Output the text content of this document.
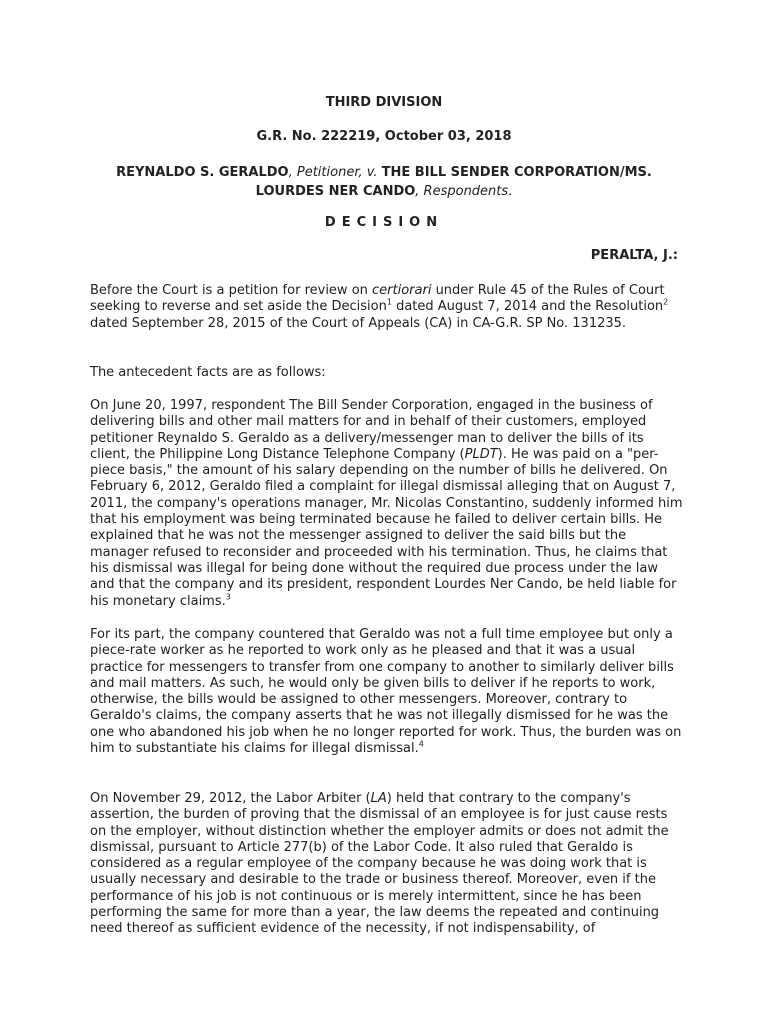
THIRD DIVISION
G.R. No. 222219, October 03, 2018
REYNALDO S. GERALDO, Petitioner, v. THE BILL SENDER CORPORATION/MS. LOURDES NER CANDO, Respondents.
DECISION
PERALTA, J.:

Before the Court is a petition for review on certiorari under Rule 45 of the Rules of Court seeking to reverse and set aside the Decision$^1$ dated August 7, 2014 and the Resolution$^2$ dated September 28, 2015 of the Court of Appeals (CA) in CA-G.R. SP No. 131235.

The antecedent facts are as follows:

On June 20, 1997, respondent The Bill Sender Corporation, engaged in the business of delivering bills and other mail matters for and in behalf of their customers, employed petitioner Reynaldo S. Geraldo as a delivery/messenger man to deliver the bills of its client, the Philippine Long Distance Telephone Company (PLDT). He was paid on a "per-piece basis," the amount of his salary depending on the number of bills he delivered. On February 6, 2012, Geraldo filed a complaint for illegal dismissal alleging that on August 7, 2011, the company's operations manager, Mr. Nicolas Constantino, suddenly informed him that his employment was being terminated because he failed to deliver certain bills. He explained that he was not the messenger assigned to deliver the said bills but the manager refused to reconsider and proceeded with his termination. Thus, he claims that his dismissal was illegal for being done without the required due process under the law and that the company and its president, respondent Lourdes Ner Cando, be held liable for his monetary claims.$^3$

For its part, the company countered that Geraldo was not a full time employee but only a piece-rate worker as he reported to work only as he pleased and that it was a usual practice for messengers to transfer from one company to another to similarly deliver bills and mail matters. As such, he would only be given bills to deliver if he reports to work, otherwise, the bills would be assigned to other messengers. Moreover, contrary to Geraldo's claims, the company asserts that he was not illegally dismissed for he was the one who abandoned his job when he no longer reported for work. Thus, the burden was on him to substantiate his claims for illegal dismissal.$^4$

On November 29, 2012, the Labor Arbiter (LA) held that contrary to the company's assertion, the burden of proving that the dismissal of an employee is for just cause rests on the employer, without distinction whether the employer admits or does not admit the dismissal, pursuant to Article 277(b) of the Labor Code. It also ruled that Geraldo is considered as a regular employee of the company because he was doing work that is usually necessary and desirable to the trade or business thereof. Moreover, even if the performance of his job is not continuous or is merely intermittent, since he has been performing the same for more than a year, the law deems the repeated and continuing need thereof as sufficient evidence of the necessity, if not indispensability, of
